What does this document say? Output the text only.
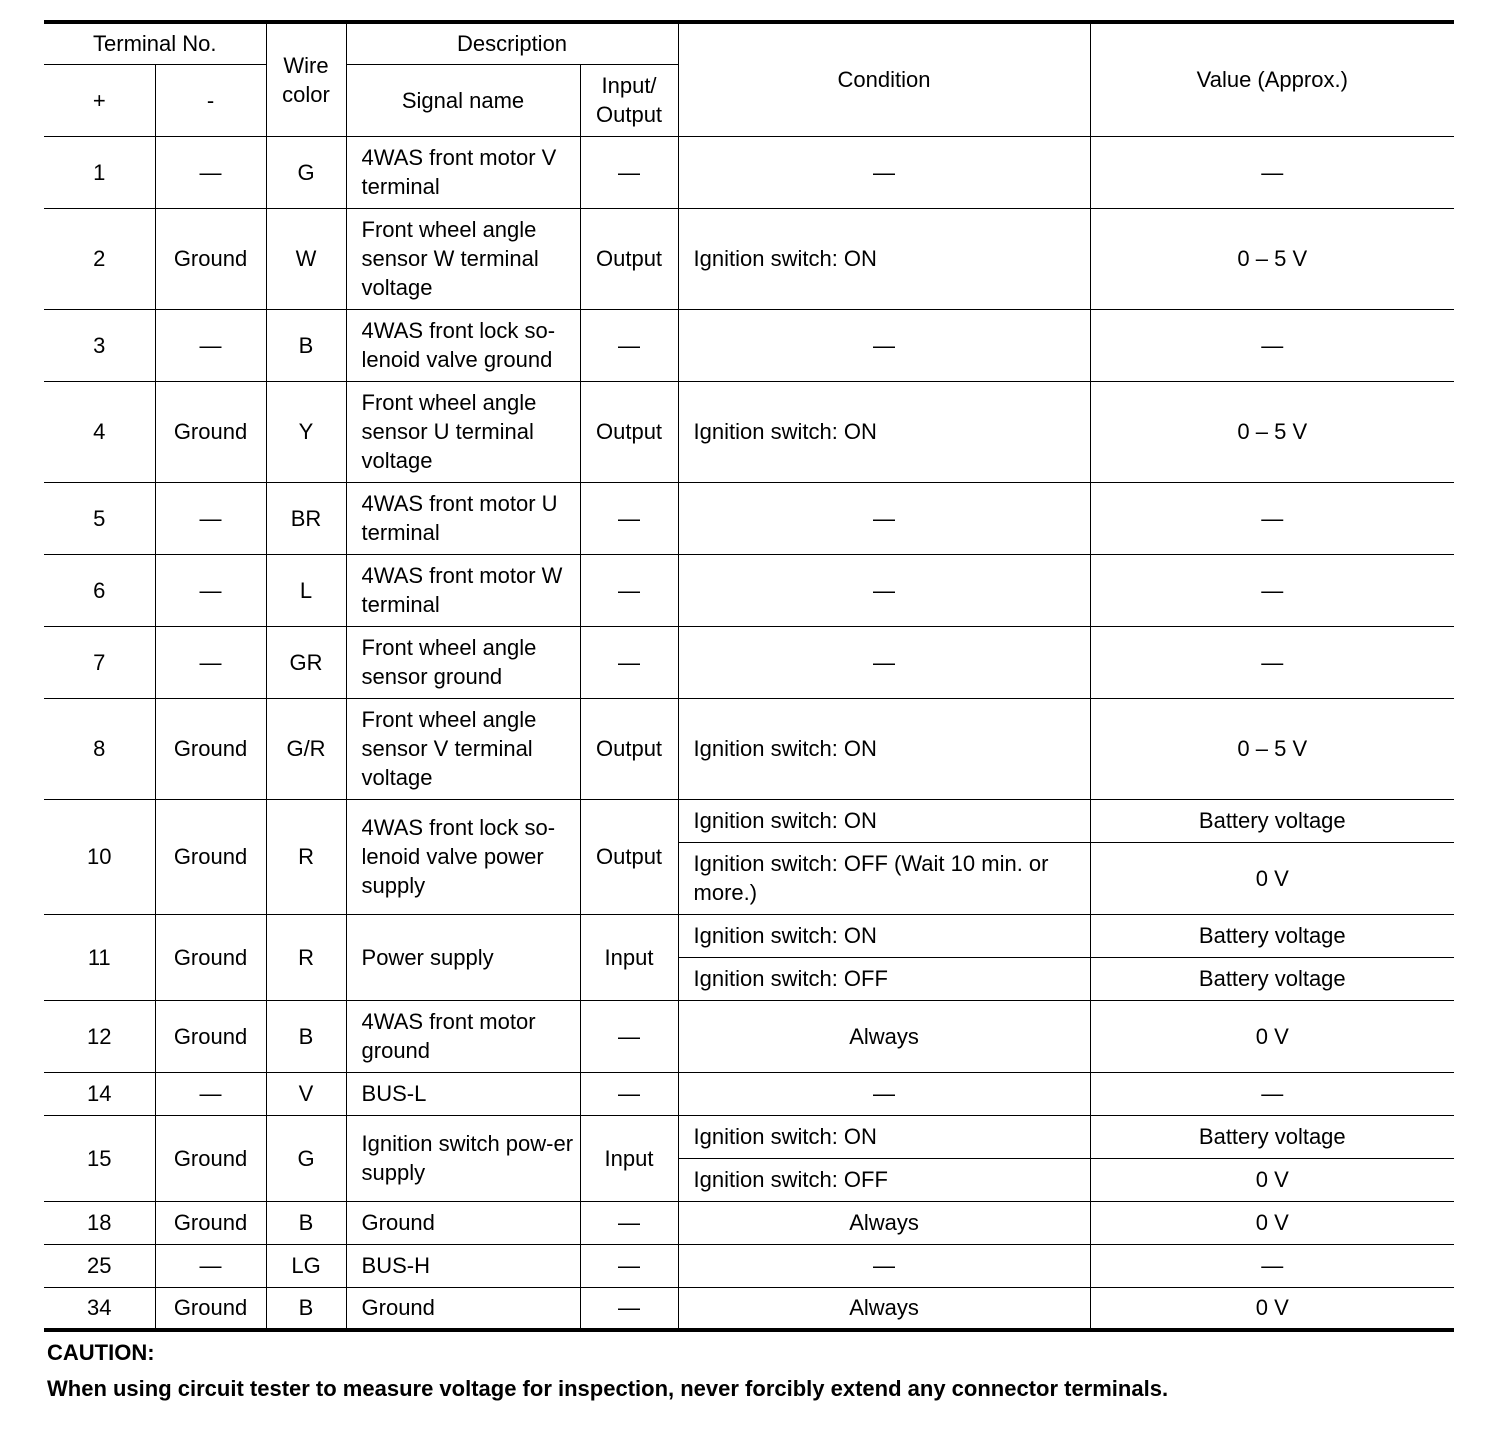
Terminal No.		Wire color	Description		Condition	Value (Approx.)
+	-		Signal name	Input/ Output		
1	—	G	4WAS front motor V terminal	—	—	—
2	Ground	W	Front wheel angle sensor W terminal voltage	Output	Ignition switch: ON	0 – 5 V
3	—	B	4WAS front lock so-lenoid valve ground	—	—	—
4	Ground	Y	Front wheel angle sensor U terminal voltage	Output	Ignition switch: ON	0 – 5 V
5	—	BR	4WAS front motor U terminal	—	—	—
6	—	L	4WAS front motor W terminal	—	—	—
7	—	GR	Front wheel angle sensor ground	—	—	—
8	Ground	G/R	Front wheel angle sensor V terminal voltage	Output	Ignition switch: ON	0 – 5 V
10	Ground	R	4WAS front lock so-lenoid valve power supply	Output	Ignition switch: ON	Battery voltage
					Ignition switch: OFF (Wait 10 min. or more.)	0 V
11	Ground	R	Power supply	Input	Ignition switch: ON	Battery voltage
					Ignition switch: OFF	Battery voltage
12	Ground	B	4WAS front motor ground	—	Always	0 V
14	—	V	BUS-L	—	—	—
15	Ground	G	Ignition switch pow-er supply	Input	Ignition switch: ON	Battery voltage
					Ignition switch: OFF	0 V
18	Ground	B	Ground	—	Always	0 V
25	—	LG	BUS-H	—	—	—
34	Ground	B	Ground	—	Always	0 V
CAUTION:
When using circuit tester to measure voltage for inspection, never forcibly extend any connector terminals.
